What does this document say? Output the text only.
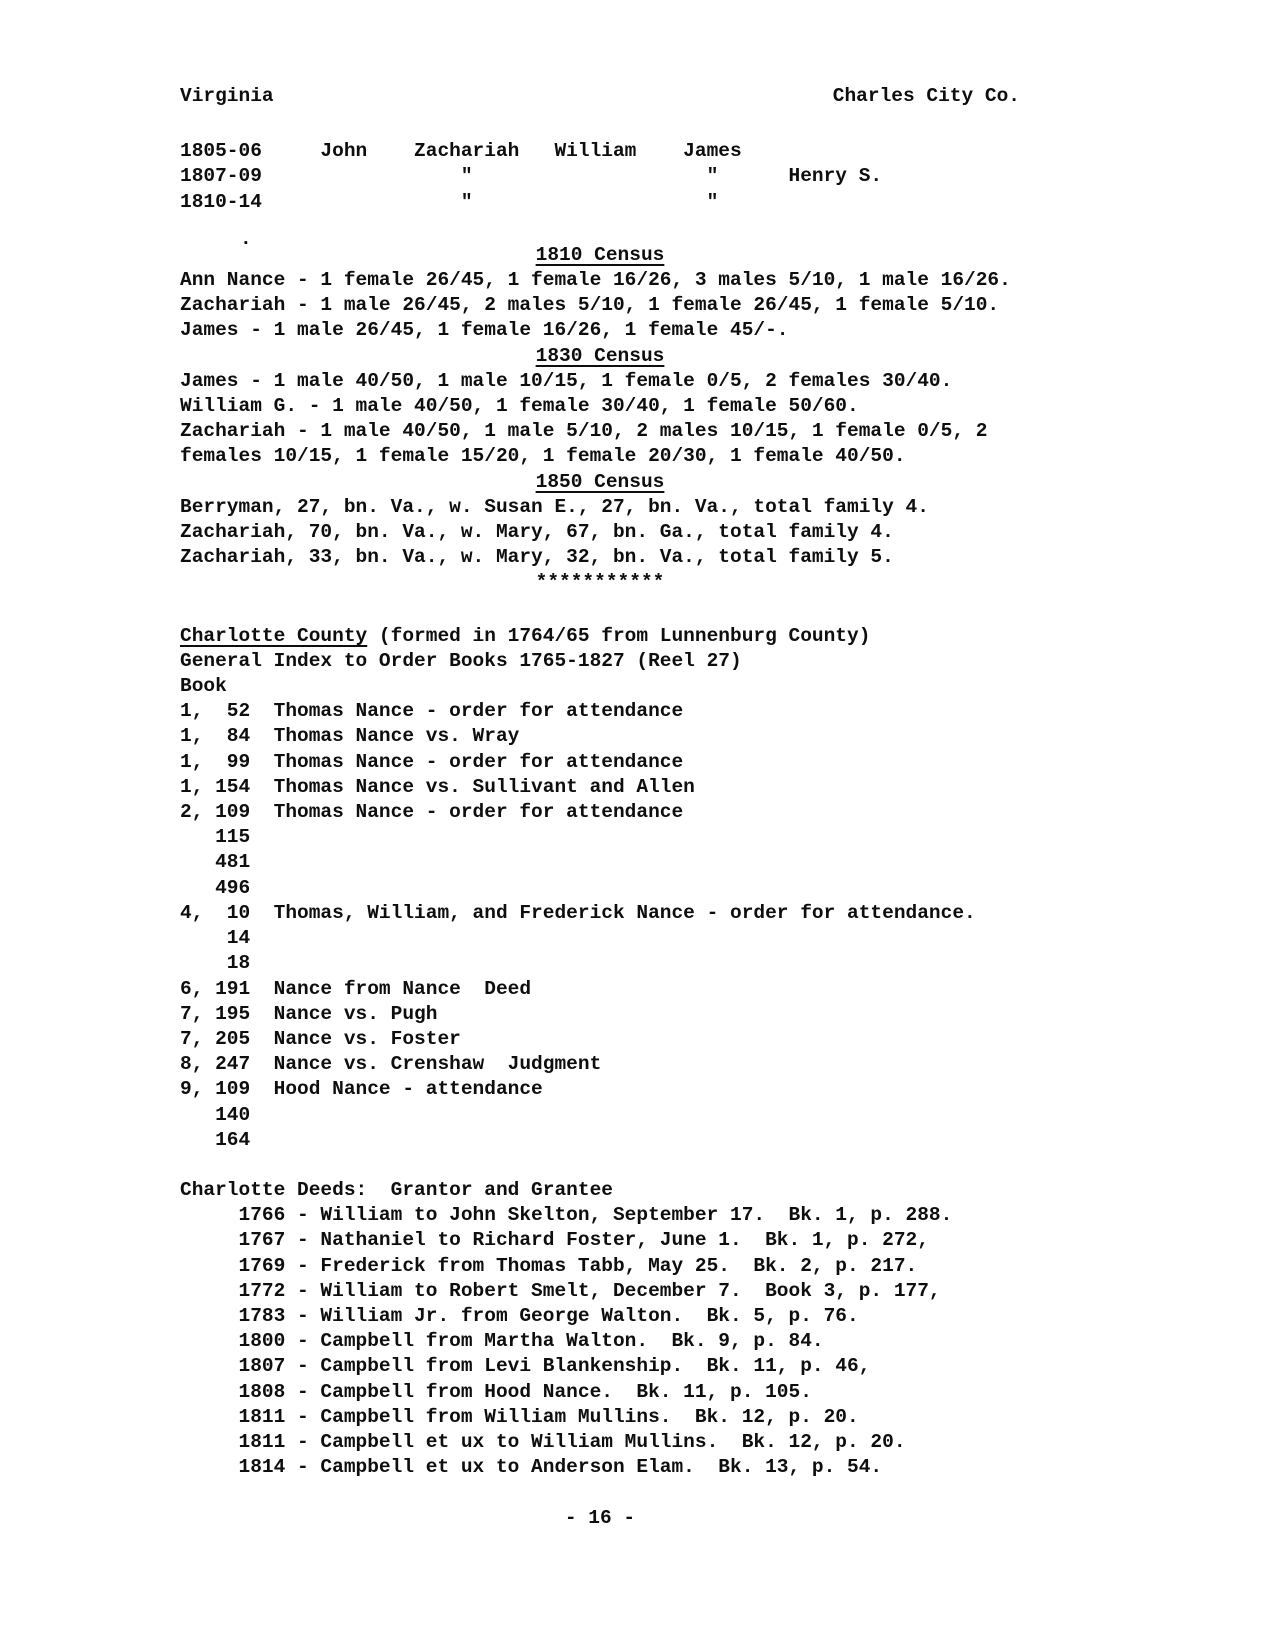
Virginia	Charles City Co.
1805-06     John    Zachariah   William    James
1807-09                 "                    "      Henry S.
1810-14                 "                    "
.
1810 Census
Ann Nance - 1 female 26/45, 1 female 16/26, 3 males 5/10, 1 male 16/26.
Zachariah - 1 male 26/45, 2 males 5/10, 1 female 26/45, 1 female 5/10.
James - 1 male 26/45, 1 female 16/26, 1 female 45/-.
1830 Census
James - 1 male 40/50, 1 male 10/15, 1 female 0/5, 2 females 30/40.
William G. - 1 male 40/50, 1 female 30/40, 1 female 50/60.
Zachariah - 1 male 40/50, 1 male 5/10, 2 males 10/15, 1 female 0/5, 2
females 10/15, 1 female 15/20, 1 female 20/30, 1 female 40/50.
1850 Census
Berryman, 27, bn. Va., w. Susan E., 27, bn. Va., total family 4.
Zachariah, 70, bn. Va., w. Mary, 67, bn. Ga., total family 4.
Zachariah, 33, bn. Va., w. Mary, 32, bn. Va., total family 5.
***********
Charlotte County (formed in 1764/65 from Lunnenburg County)
General Index to Order Books 1765-1827 (Reel 27)
Book
1,  52  Thomas Nance - order for attendance
1,  84  Thomas Nance vs. Wray
1,  99  Thomas Nance - order for attendance
1, 154  Thomas Nance vs. Sullivant and Allen
2, 109  Thomas Nance - order for attendance
115
481
496
4,  10  Thomas, William, and Frederick Nance - order for attendance.
14
18
6, 191  Nance from Nance  Deed
7, 195  Nance vs. Pugh
7, 205  Nance vs. Foster
8, 247  Nance vs. Crenshaw  Judgment
9, 109  Hood Nance - attendance
140
164
Charlotte Deeds:  Grantor and Grantee
1766 - William to John Skelton, September 17.  Bk. 1, p. 288.
1767 - Nathaniel to Richard Foster, June 1.  Bk. 1, p. 272,
1769 - Frederick from Thomas Tabb, May 25.  Bk. 2, p. 217.
1772 - William to Robert Smelt, December 7.  Book 3, p. 177,
1783 - William Jr. from George Walton.  Bk. 5, p. 76.
1800 - Campbell from Martha Walton.  Bk. 9, p. 84.
1807 - Campbell from Levi Blankenship.  Bk. 11, p. 46,
1808 - Campbell from Hood Nance.  Bk. 11, p. 105.
1811 - Campbell from William Mullins.  Bk. 12, p. 20.
1811 - Campbell et ux to William Mullins.  Bk. 12, p. 20.
1814 - Campbell et ux to Anderson Elam.  Bk. 13, p. 54.
- 16 -
